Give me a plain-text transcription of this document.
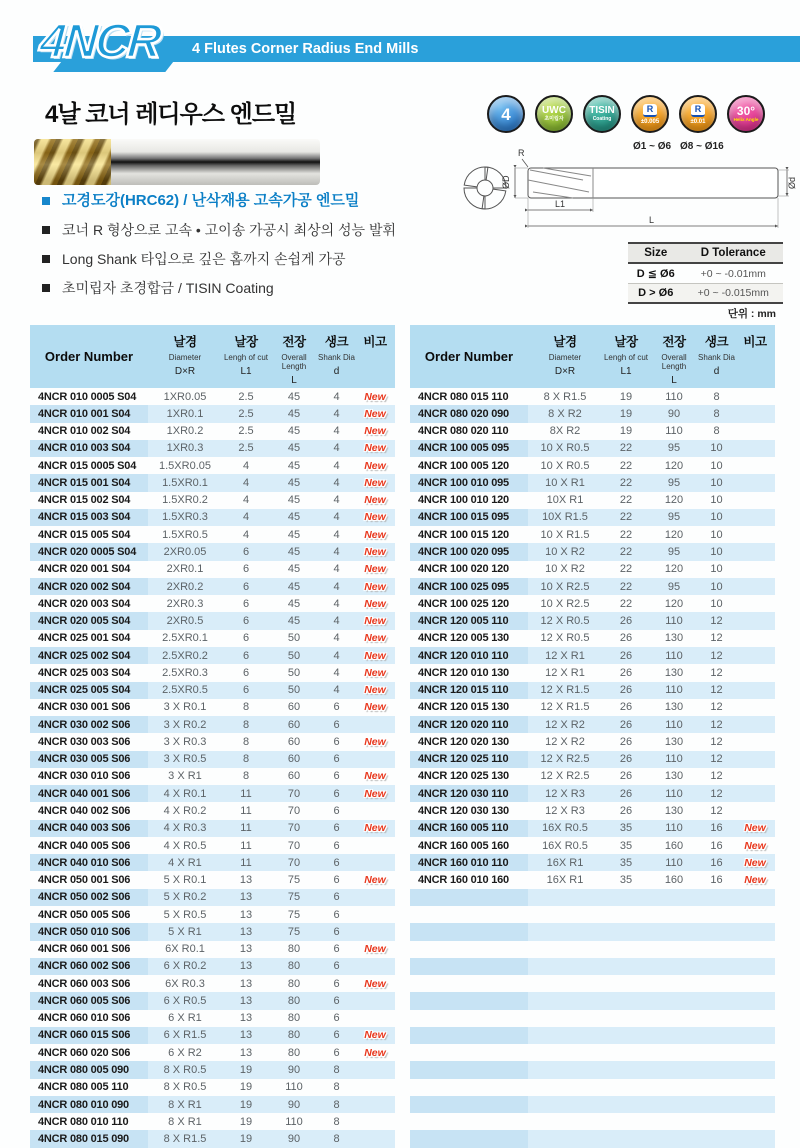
4NCR 4 Flutes Corner Radius End Mills
4날 코너 레디우스 엔드밀	4	UWC
초미립자
TISIN
Coating
R
±0.005
R
±0.01
30°
Helix Angle
Ø1 ~ Ø6 Ø8 ~ Ø16
고경도강(HRC62) / 난삭재용 고속가공 엔드밀
코너 R 형상으로 고속 • 고이송 가공시 최상의 성능 발휘
Long Shank 타입으로 깊은 홈까지 손쉽게 가공
초미립자 초경합금 / TISIN Coating
R
ØD
L1
L
Ød
Size	D Tolerance
D ≦ Ø6	+0 ~ -0.01mm
D > Ø6	+0 ~ -0.015mm
단위 : mm
Order Number
날경
Diameter
D×R
날장
Lengh of cut
L1
전장
Overall Length
L
생크
Shank Dia
d
비고
4NCR 010 0005 S04	1XR0.05	2.5	45	4	New
4NCR 010 001 S04	1XR0.1	2.5	45	4	New
4NCR 010 002 S04	1XR0.2	2.5	45	4	New
4NCR 010 003 S04	1XR0.3	2.5	45	4	New
4NCR 015 0005 S04	1.5XR0.05	4	45	4	New
4NCR 015 001 S04	1.5XR0.1	4	45	4	New
4NCR 015 002 S04	1.5XR0.2	4	45	4	New
4NCR 015 003 S04	1.5XR0.3	4	45	4	New
4NCR 015 005 S04	1.5XR0.5	4	45	4	New
4NCR 020 0005 S04	2XR0.05	6	45	4	New
4NCR 020 001 S04	2XR0.1	6	45	4	New
4NCR 020 002 S04	2XR0.2	6	45	4	New
4NCR 020 003 S04	2XR0.3	6	45	4	New
4NCR 020 005 S04	2XR0.5	6	45	4	New
4NCR 025 001 S04	2.5XR0.1	6	50	4	New
4NCR 025 002 S04	2.5XR0.2	6	50	4	New
4NCR 025 003 S04	2.5XR0.3	6	50	4	New
4NCR 025 005 S04	2.5XR0.5	6	50	4	New
4NCR 030 001 S06	3 X R0.1	8	60	6	New
4NCR 030 002 S06	3 X R0.2	8	60	6
4NCR 030 003 S06	3 X R0.3	8	60	6	New
4NCR 030 005 S06	3 X R0.5	8	60	6
4NCR 030 010 S06	3 X R1	8	60	6	New
4NCR 040 001 S06	4 X R0.1	11	70	6	New
4NCR 040 002 S06	4 X R0.2	11	70	6
4NCR 040 003 S06	4 X R0.3	11	70	6	New
4NCR 040 005 S06	4 X R0.5	11	70	6
4NCR 040 010 S06	4 X R1	11	70	6
4NCR 050 001 S06	5 X R0.1	13	75	6	New
4NCR 050 002 S06	5 X R0.2	13	75	6
4NCR 050 005 S06	5 X R0.5	13	75	6
4NCR 050 010 S06	5 X R1	13	75	6
4NCR 060 001 S06	6X R0.1	13	80	6	New
4NCR 060 002 S06	6 X R0.2	13	80	6
4NCR 060 003 S06	6X R0.3	13	80	6	New
4NCR 060 005 S06	6 X R0.5	13	80	6
4NCR 060 010 S06	6 X R1	13	80	6
4NCR 060 015 S06	6 X R1.5	13	80	6	New
4NCR 060 020 S06	6 X R2	13	80	6	New
4NCR 080 005 090	8 X R0.5	19	90	8
4NCR 080 005 110	8 X R0.5	19	110	8
4NCR 080 010 090	8 X R1	19	90	8
4NCR 080 010 110	8 X R1	19	110	8
4NCR 080 015 090	8 X R1.5	19	90	8
Order Number
날경
Diameter
D×R
날장
Lengh of cut
L1
전장
Overall Length
L
생크
Shank Dia
d
비고
4NCR 080 015 110	8 X R1.5	19	110	8
4NCR 080 020 090	8 X R2	19	90	8
4NCR 080 020 110	8X R2	19	110	8
4NCR 100 005 095	10 X R0.5	22	95	10
4NCR 100 005 120	10 X R0.5	22	120	10
4NCR 100 010 095	10 X R1	22	95	10
4NCR 100 010 120	10X R1	22	120	10
4NCR 100 015 095	10X R1.5	22	95	10
4NCR 100 015 120	10 X R1.5	22	120	10
4NCR 100 020 095	10 X R2	22	95	10
4NCR 100 020 120	10 X R2	22	120	10
4NCR 100 025 095	10 X R2.5	22	95	10
4NCR 100 025 120	10 X R2.5	22	120	10
4NCR 120 005 110	12 X R0.5	26	110	12
4NCR 120 005 130	12 X R0.5	26	130	12
4NCR 120 010 110	12 X R1	26	110	12
4NCR 120 010 130	12 X R1	26	130	12
4NCR 120 015 110	12 X R1.5	26	110	12
4NCR 120 015 130	12 X R1.5	26	130	12
4NCR 120 020 110	12 X R2	26	110	12
4NCR 120 020 130	12 X R2	26	130	12
4NCR 120 025 110	12 X R2.5	26	110	12
4NCR 120 025 130	12 X R2.5	26	130	12
4NCR 120 030 110	12 X R3	26	110	12
4NCR 120 030 130	12 X R3	26	130	12
4NCR 160 005 110	16X R0.5	35	110	16	New
4NCR 160 005 160	16X R0.5	35	160	16	New
4NCR 160 010 110	16X R1	35	110	16	New
4NCR 160 010 160	16X R1	35	160	16	New
